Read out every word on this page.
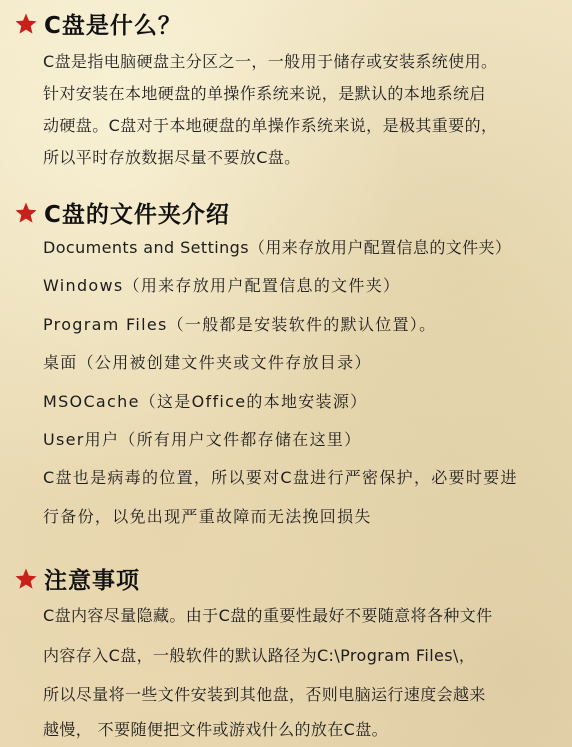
C盘是什么？
C盘是指电脑硬盘主分区之一，一般用于储存或安装系统使用。
针对安装在本地硬盘的单操作系统来说，是默认的本地系统启
动硬盘。C盘对于本地硬盘的单操作系统来说，是极其重要的，
所以平时存放数据尽量不要放C盘。
C盘的文件夹介绍
Documents and Settings（用来存放用户配置信息的文件夹）
Windows（用来存放用户配置信息的文件夹）
Program Files（一般都是安装软件的默认位置）。
桌面（公用被创建文件夹或文件存放目录）
MSOCache（这是Office的本地安装源）
User用户（所有用户文件都存储在这里）
C盘也是病毒的位置，所以要对C盘进行严密保护，必要时要进
行备份，以免出现严重故障而无法挽回损失
注意事项
C盘内容尽量隐藏。由于C盘的重要性最好不要随意将各种文件
内容存入C盘，一般软件的默认路径为C:\Program Files\，
所以尽量将一些文件安装到其他盘，否则电脑运行速度会越来
越慢， 不要随便把文件或游戏什么的放在C盘。
